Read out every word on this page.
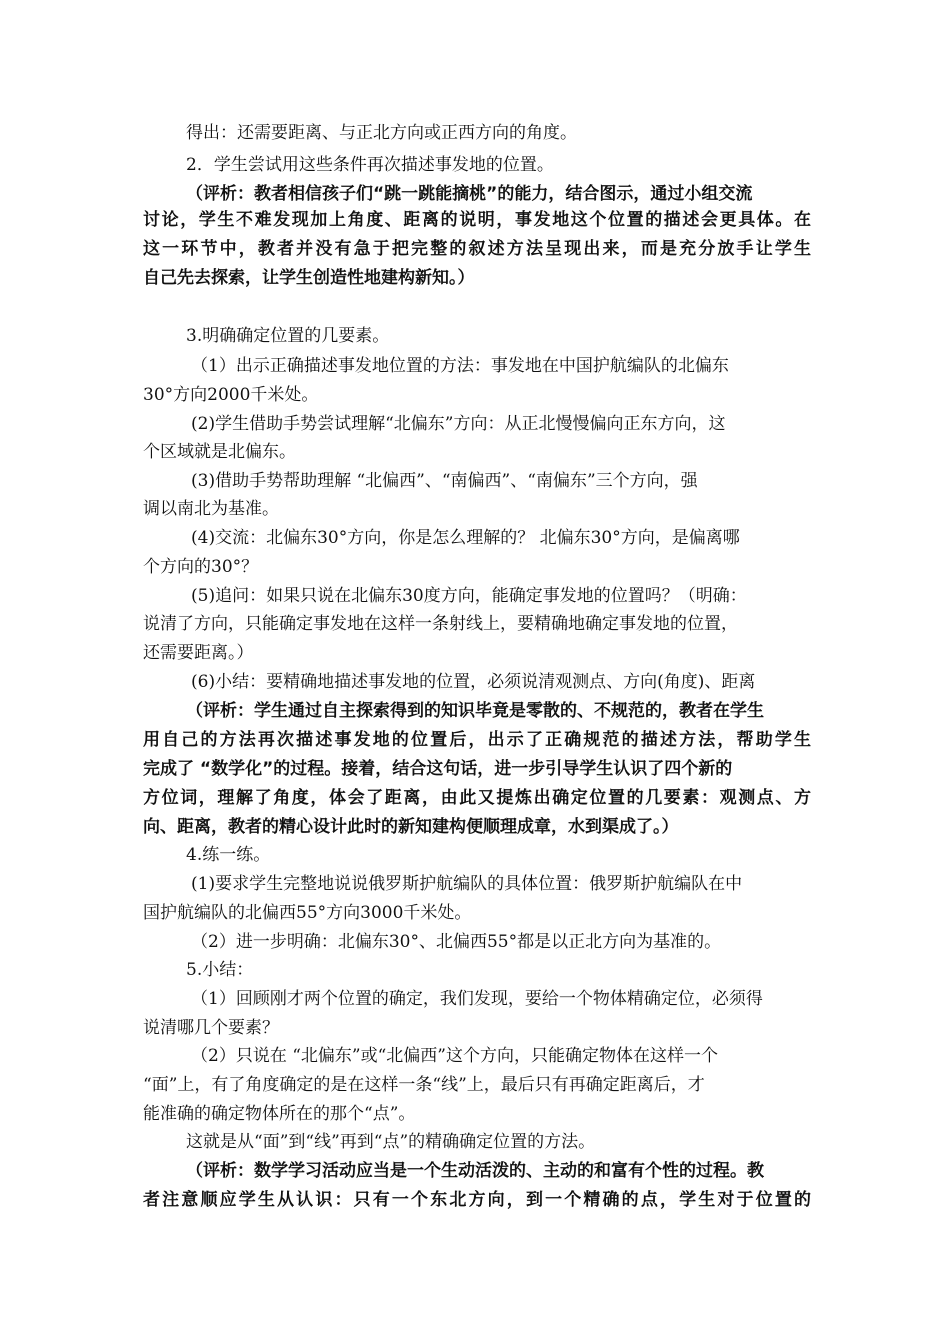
得出：还需要距离、与正北方向或正西方向的角度。
2．学生尝试用这些条件再次描述事发地的位置。
（评析：教者相信孩子们“跳一跳能摘桃”的能力，结合图示，通过小组交流
讨论，学生不难发现加上角度、距离的说明，事发地这个位置的描述会更具体。在
这一环节中，教者并没有急于把完整的叙述方法呈现出来，而是充分放手让学生
自己先去探索，让学生创造性地建构新知。）
3.明确确定位置的几要素。
（1）出示正确描述事发地位置的方法：事发地在中国护航编队的北偏东
30°方向2000千米处。
(2)学生借助手势尝试理解“北偏东”方向：从正北慢慢偏向正东方向，这
个区域就是北偏东。
(3)借助手势帮助理解 “北偏西”、“南偏西”、“南偏东”三个方向，强
调以南北为基准。
(4)交流：北偏东30°方向，你是怎么理解的？ 北偏东30°方向，是偏离哪
个方向的30°？
(5)追问：如果只说在北偏东30度方向，能确定事发地的位置吗？（明确：
说清了方向，只能确定事发地在这样一条射线上，要精确地确定事发地的位置，
还需要距离。）
(6)小结：要精确地描述事发地的位置，必须说清观测点、方向(角度)、距离
（评析：学生通过自主探索得到的知识毕竟是零散的、不规范的，教者在学生
用自己的方法再次描述事发地的位置后，出示了正确规范的描述方法，帮助学生
完成了 “数学化”的过程。接着，结合这句话，进一步引导学生认识了四个新的
方位词，理解了角度，体会了距离，由此又提炼出确定位置的几要素：观测点、方
向、距离，教者的精心设计此时的新知建构便顺理成章，水到渠成了。）
4.练一练。
(1)要求学生完整地说说俄罗斯护航编队的具体位置：俄罗斯护航编队在中
国护航编队的北偏西55°方向3000千米处。
（2）进一步明确：北偏东30°、北偏西55°都是以正北方向为基准的。
5.小结：
（1）回顾刚才两个位置的确定，我们发现，要给一个物体精确定位，必须得
说清哪几个要素？
（2）只说在 “北偏东”或“北偏西”这个方向，只能确定物体在这样一个
“面”上，有了角度确定的是在这样一条“线”上，最后只有再确定距离后，才
能准确的确定物体所在的那个“点”。
这就是从“面”到“线”再到“点”的精确确定位置的方法。
（评析：数学学习活动应当是一个生动活泼的、主动的和富有个性的过程。教
者注意顺应学生从认识：只有一个东北方向，到一个精确的点，学生对于位置的
